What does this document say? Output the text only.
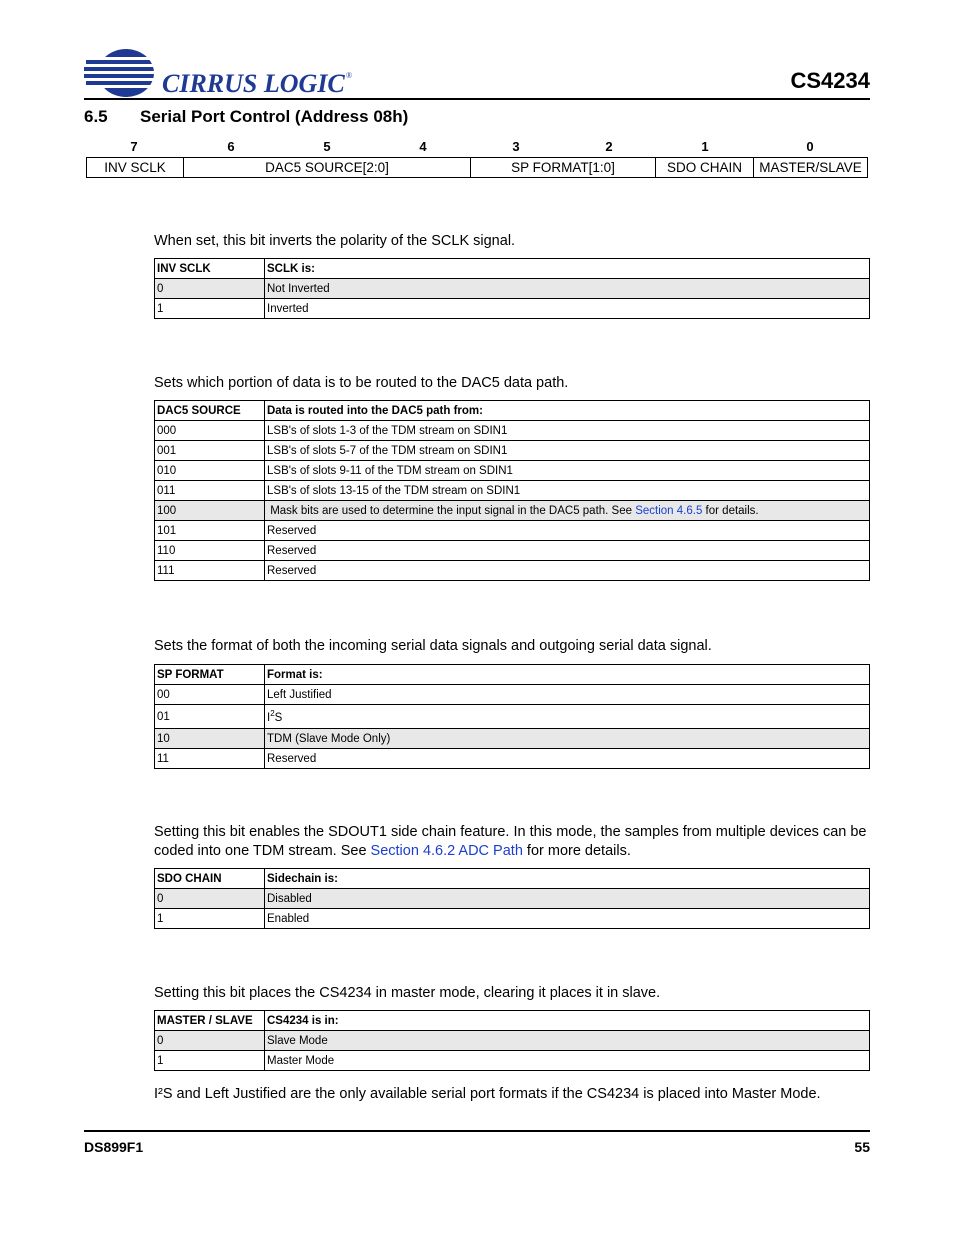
CIRRUS LOGIC ®	CS4234
6.5 Serial Port Control (Address 08h)
7	6	5	4	3	2	1	0
INV SCLK	DAC5 SOURCE[2:0]	SP FORMAT[1:0]	SDO CHAIN	MASTER/SLAVE
When set, this bit inverts the polarity of the SCLK signal.
INV SCLK	SCLK is:
0	Not Inverted
1	Inverted
Sets which portion of data is to be routed to the DAC5 data path.
DAC5 SOURCE	Data is routed into the DAC5 path from:
000	LSB's of slots 1-3 of the TDM stream on SDIN1
001	LSB's of slots 5-7 of the TDM stream on SDIN1
010	LSB's of slots 9-11 of the TDM stream on SDIN1
011	LSB's of slots 13-15 of the TDM stream on SDIN1
100	Mask bits are used to determine the input signal in the DAC5 path. See Section 4.6.5 for details.
101	Reserved
110	Reserved
111	Reserved
Sets the format of both the incoming serial data signals and outgoing serial data signal.
SP FORMAT	Format is:
00	Left Justified
01	$I^2S$
10	TDM (Slave Mode Only)
11	Reserved
Setting this bit enables the SDOUT1 side chain feature. In this mode, the samples from multiple devices can be coded into one TDM stream. See Section 4.6.2 ADC Path for more details.
SDO CHAIN	Sidechain is:
0	Disabled
1	Enabled
Setting this bit places the CS4234 in master mode, clearing it places it in slave.
MASTER / SLAVE	CS4234 is in:
0	Slave Mode
1	Master Mode
I²S and Left Justified are the only available serial port formats if the CS4234 is placed into Master Mode.
DS899F1	55
